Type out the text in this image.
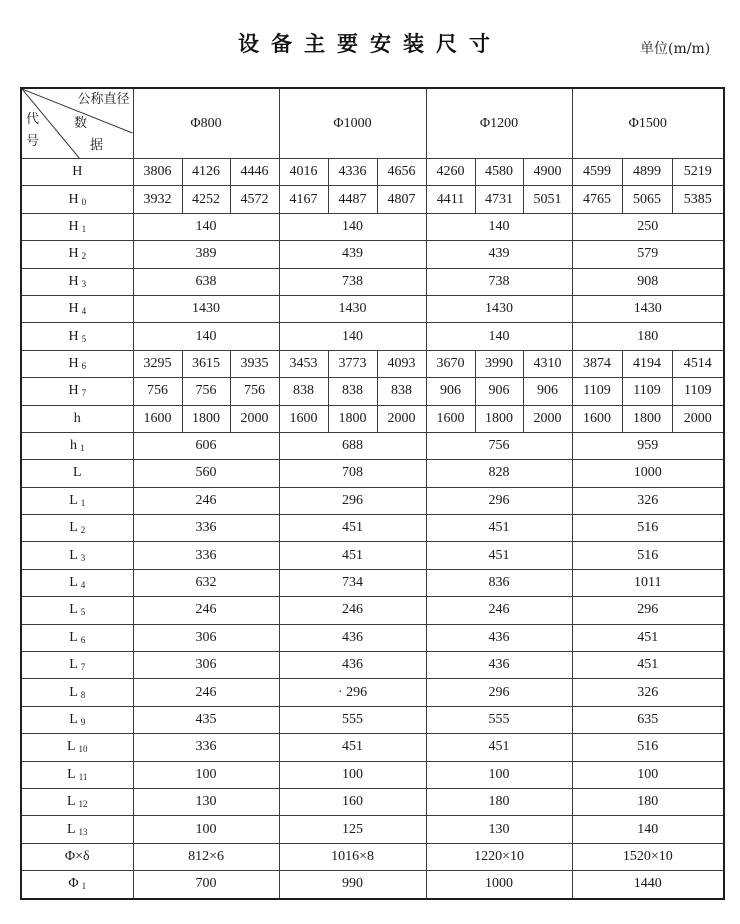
设备主要安装尺寸	单位(m/m)
公称直径
数
据
代
号	Φ800			Φ1000			Φ1200			Φ1500		
H	3806	4126	4446	4016	4336	4656	4260	4580	4900	4599	4899	5219
H $_0$	3932	4252	4572	4167	4487	4807	4411	4731	5051	4765	5065	5385
H $_1$	140			140			140			250		
H $_2$	389			439			439			579		
H $_3$	638			738			738			908		
H $_4$	1430			1430			1430			1430		
H $_5$	140			140			140			180		
H $_6$	3295	3615	3935	3453	3773	4093	3670	3990	4310	3874	4194	4514
H $_7$	756	756	756	838	838	838	906	906	906	1109	1109	1109
h	1600	1800	2000	1600	1800	2000	1600	1800	2000	1600	1800	2000
h $_1$	606			688			756			959		
L	560			708			828			1000		
L $_1$	246			296			296			326		
L $_2$	336			451			451			516		
L $_3$	336			451			451			516		
L $_4$	632			734			836			1011		
L $_5$	246			246			246			296		
L $_6$	306			436			436			451		
L $_7$	306			436			436			451		
L $_8$	246			· 296			296			326		
L $_9$	435			555			555			635		
L $_{10}$	336			451			451			516		
L $_{11}$	100			100			100			100		
L $_{12}$	130			160			180			180		
L $_{13}$	100			125			130			140		
Φ×δ	812×6			1016×8			1220×10			1520×10		
Φ $_1$	700			990			1000			1440		
